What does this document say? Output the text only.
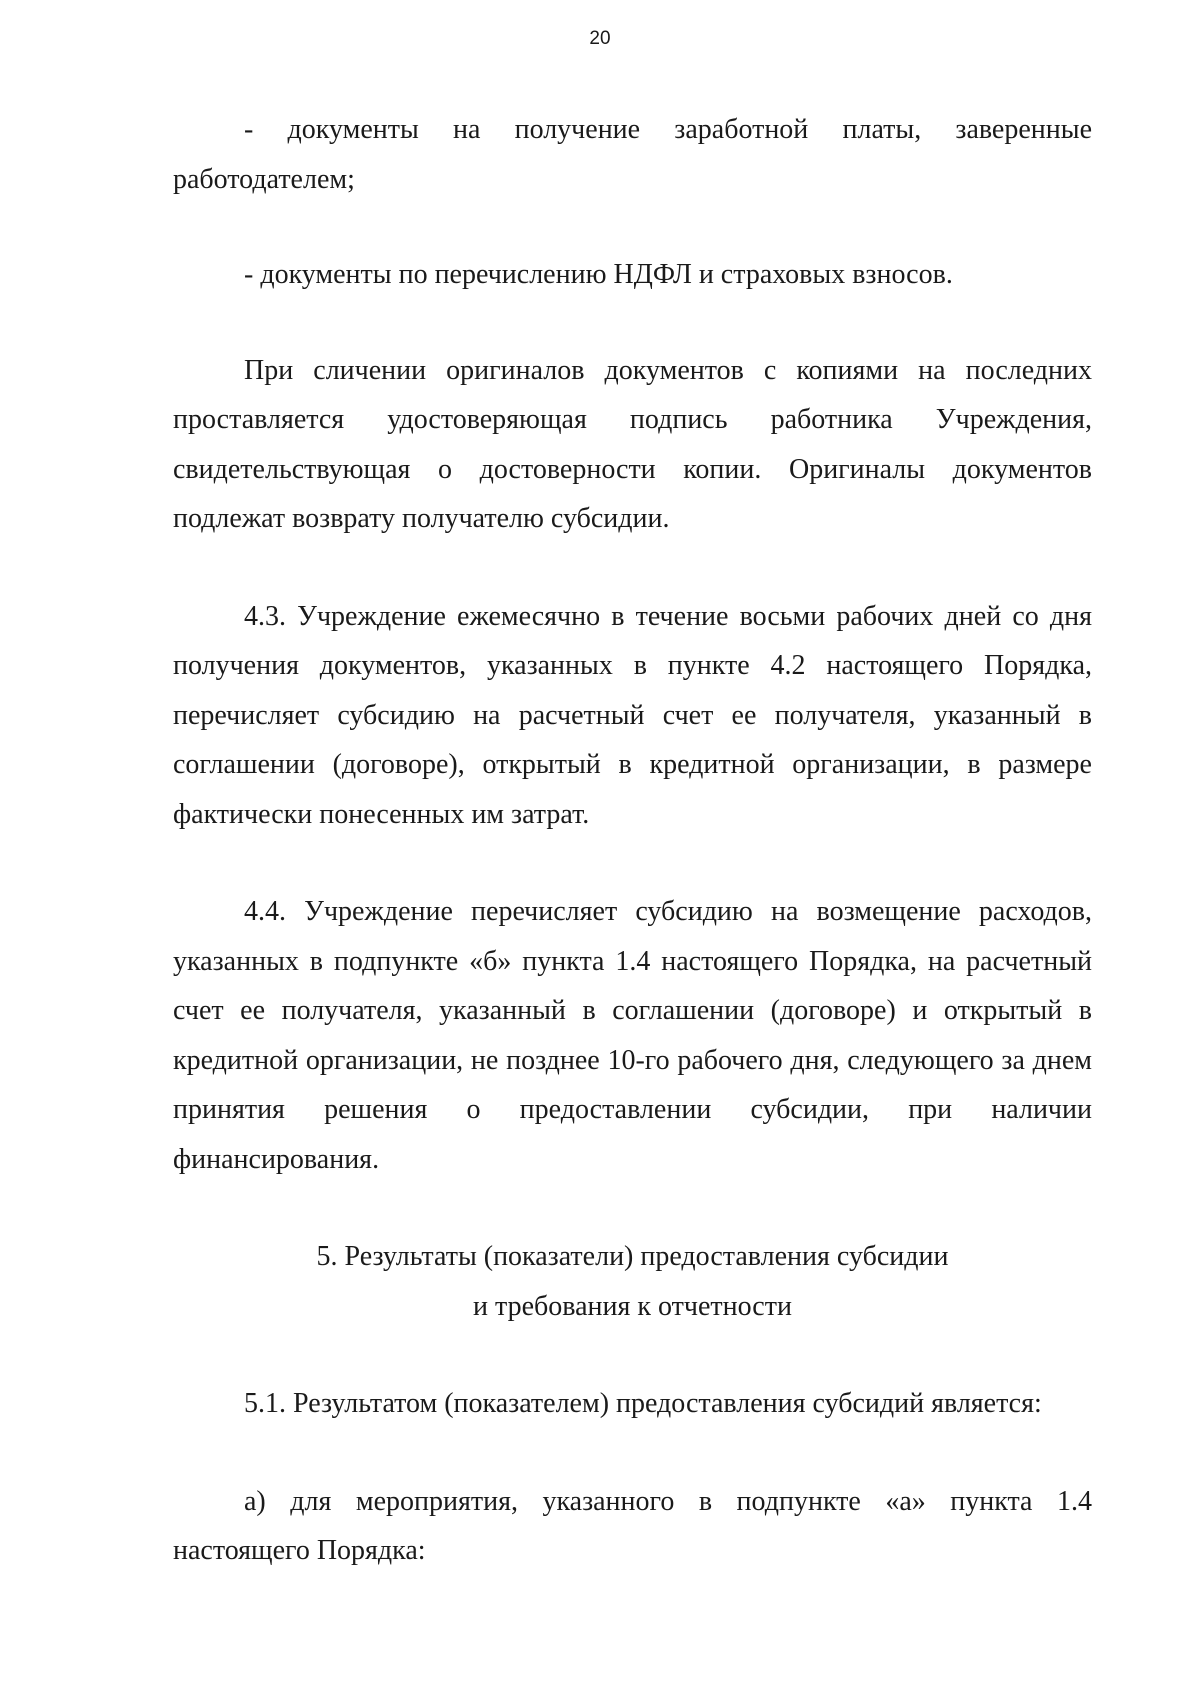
20

- документы на получение заработной платы, заверенные работодателем;

- документы по перечислению НДФЛ и страховых взносов.

При сличении оригиналов документов с копиями на последних проставляется удостоверяющая подпись работника Учреждения, свидетельствующая о достоверности копии. Оригиналы документов подлежат возврату получателю субсидии.

4.3. Учреждение ежемесячно в течение восьми рабочих дней со дня получения документов, указанных в пункте 4.2 настоящего Порядка, перечисляет субсидию на расчетный счет ее получателя, указанный в соглашении (договоре), открытый в кредитной организации, в размере фактически понесенных им затрат.

4.4. Учреждение перечисляет субсидию на возмещение расходов, указанных в подпункте «б» пункта 1.4 настоящего Порядка, на расчетный счет ее получателя, указанный в соглашении (договоре) и открытый в кредитной организации, не позднее 10-го рабочего дня, следующего за днем принятия решения о предоставлении субсидии, при наличии финансирования.

5. Результаты (показатели) предоставления субсидии
и требования к отчетности

5.1. Результатом (показателем) предоставления субсидий является:

а) для мероприятия, указанного в подпункте «а» пункта 1.4 настоящего Порядка:
